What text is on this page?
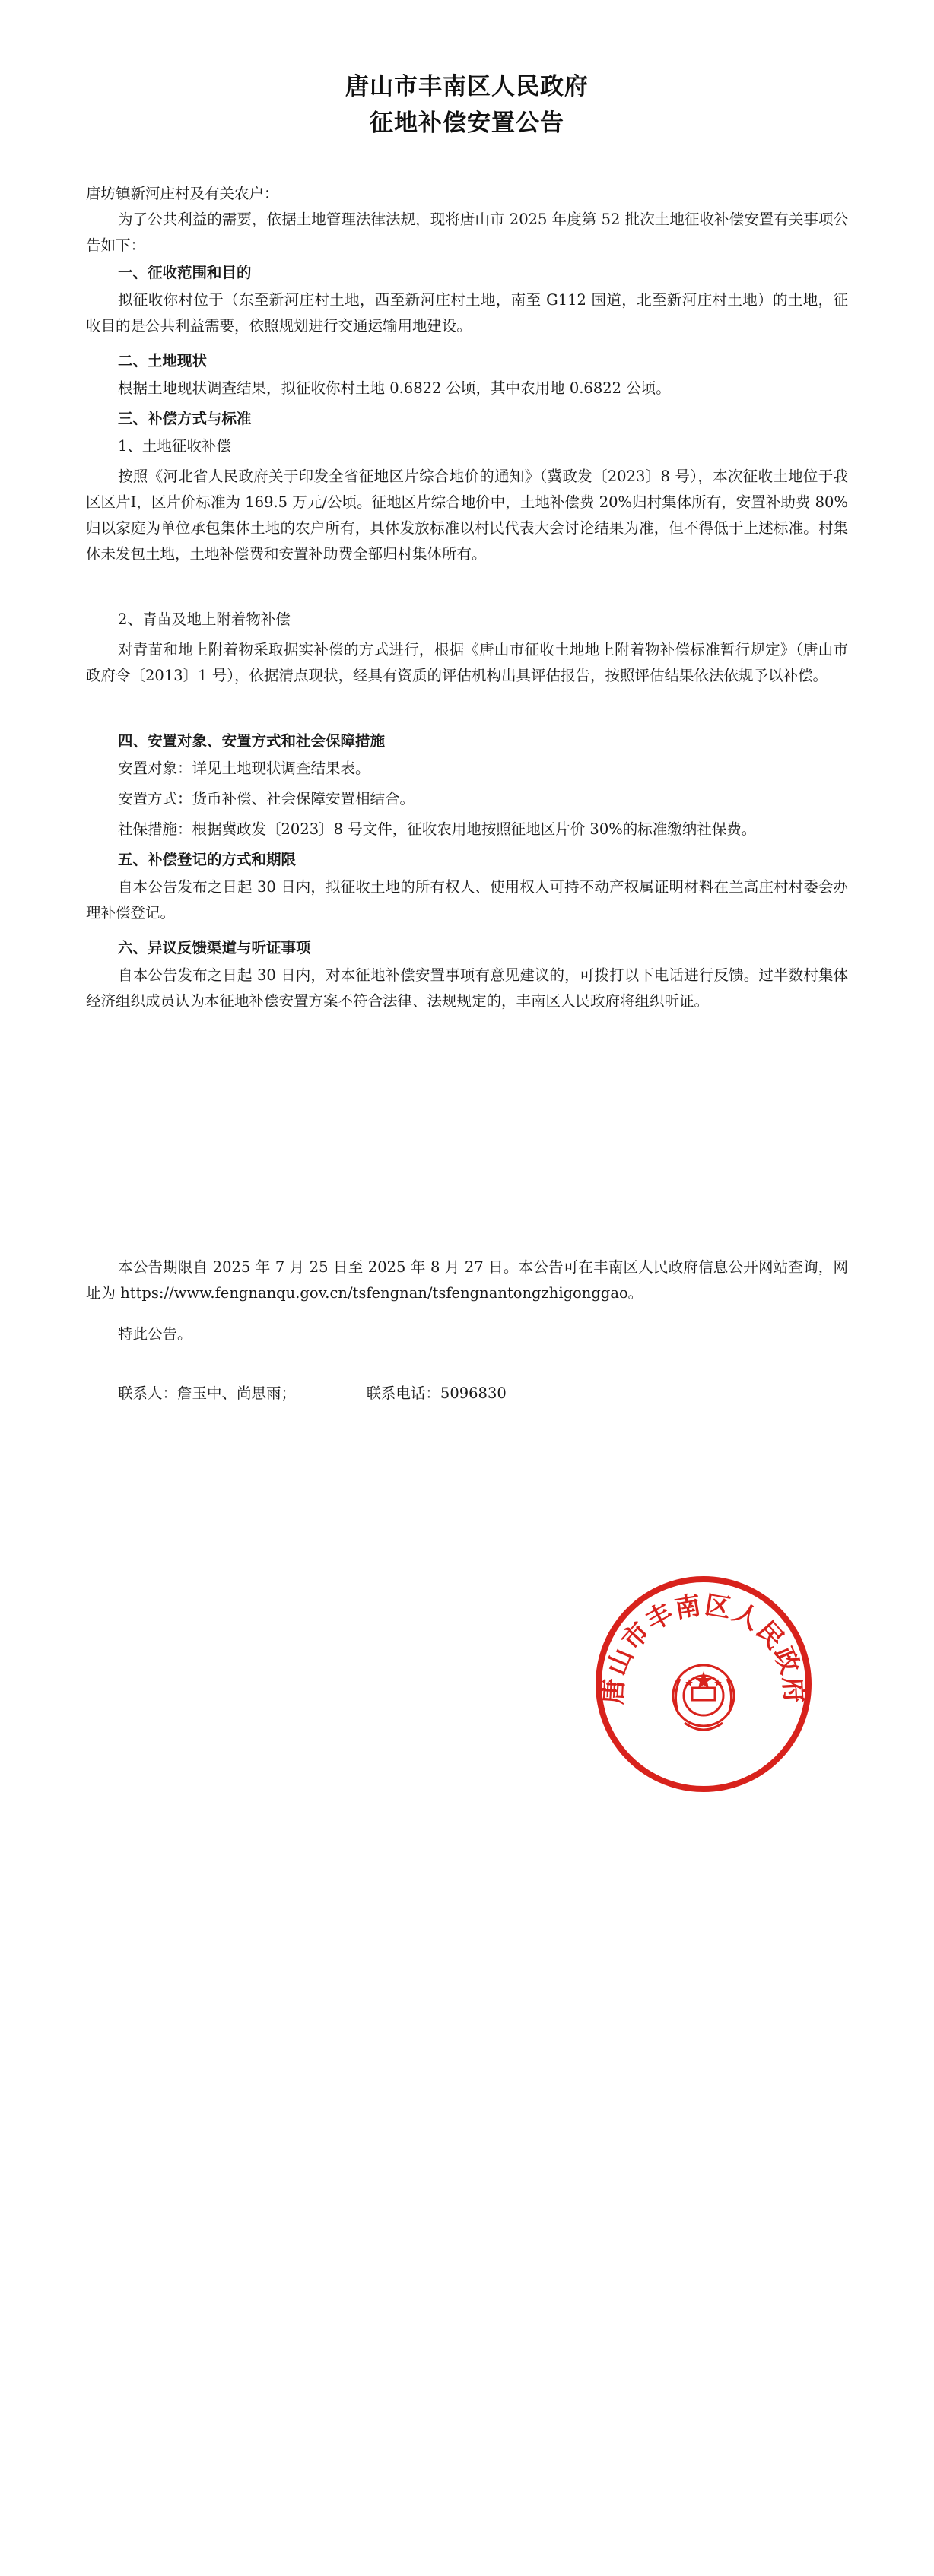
唐山市丰南区人民政府
征地补偿安置公告
唐坊镇新河庄村及有关农户：
为了公共利益的需要，依据土地管理法律法规，现将唐山市 2025 年度第 52 批次土地征收补偿安置有关事项公告如下：
一、征收范围和目的
拟征收你村位于（东至新河庄村土地，西至新河庄村土地，南至 G112 国道，北至新河庄村土地）的土地，征收目的是公共利益需要，依照规划进行交通运输用地建设。
二、土地现状
根据土地现状调查结果，拟征收你村土地 0.6822 公顷，其中农用地 0.6822 公顷。
三、补偿方式与标准
1、土地征收补偿
按照《河北省人民政府关于印发全省征地区片综合地价的通知》（冀政发〔2023〕8 号），本次征收土地位于我区区片Ⅰ，区片价标准为 169.5 万元/公顷。征地区片综合地价中，土地补偿费 20%归村集体所有，安置补助费 80%归以家庭为单位承包集体土地的农户所有，具体发放标准以村民代表大会讨论结果为准，但不得低于上述标准。村集体未发包土地，土地补偿费和安置补助费全部归村集体所有。
2、青苗及地上附着物补偿
对青苗和地上附着物采取据实补偿的方式进行，根据《唐山市征收土地地上附着物补偿标准暂行规定》（唐山市政府令〔2013〕1 号），依据清点现状，经具有资质的评估机构出具评估报告，按照评估结果依法依规予以补偿。
四、安置对象、安置方式和社会保障措施
安置对象：详见土地现状调查结果表。
安置方式：货币补偿、社会保障安置相结合。
社保措施：根据冀政发〔2023〕8 号文件，征收农用地按照征地区片价 30%的标准缴纳社保费。
五、补偿登记的方式和期限
自本公告发布之日起 30 日内，拟征收土地的所有权人、使用权人可持不动产权属证明材料在兰高庄村村委会办理补偿登记。
六、异议反馈渠道与听证事项
自本公告发布之日起 30 日内，对本征地补偿安置事项有意见建议的，可拨打以下电话进行反馈。过半数村集体经济组织成员认为本征地补偿安置方案不符合法律、法规规定的，丰南区人民政府将组织听证。
本公告期限自 2025 年 7 月 25 日至 2025 年 8 月 27 日。本公告可在丰南区人民政府信息公开网站查询，网址为 https://www.fengnanqu.gov.cn/tsfengnan/tsfengnantongzhigonggao。
特此公告。
联系人：詹玉中、尚思雨；	联系电话：5096830
唐山市丰南区人民政府
